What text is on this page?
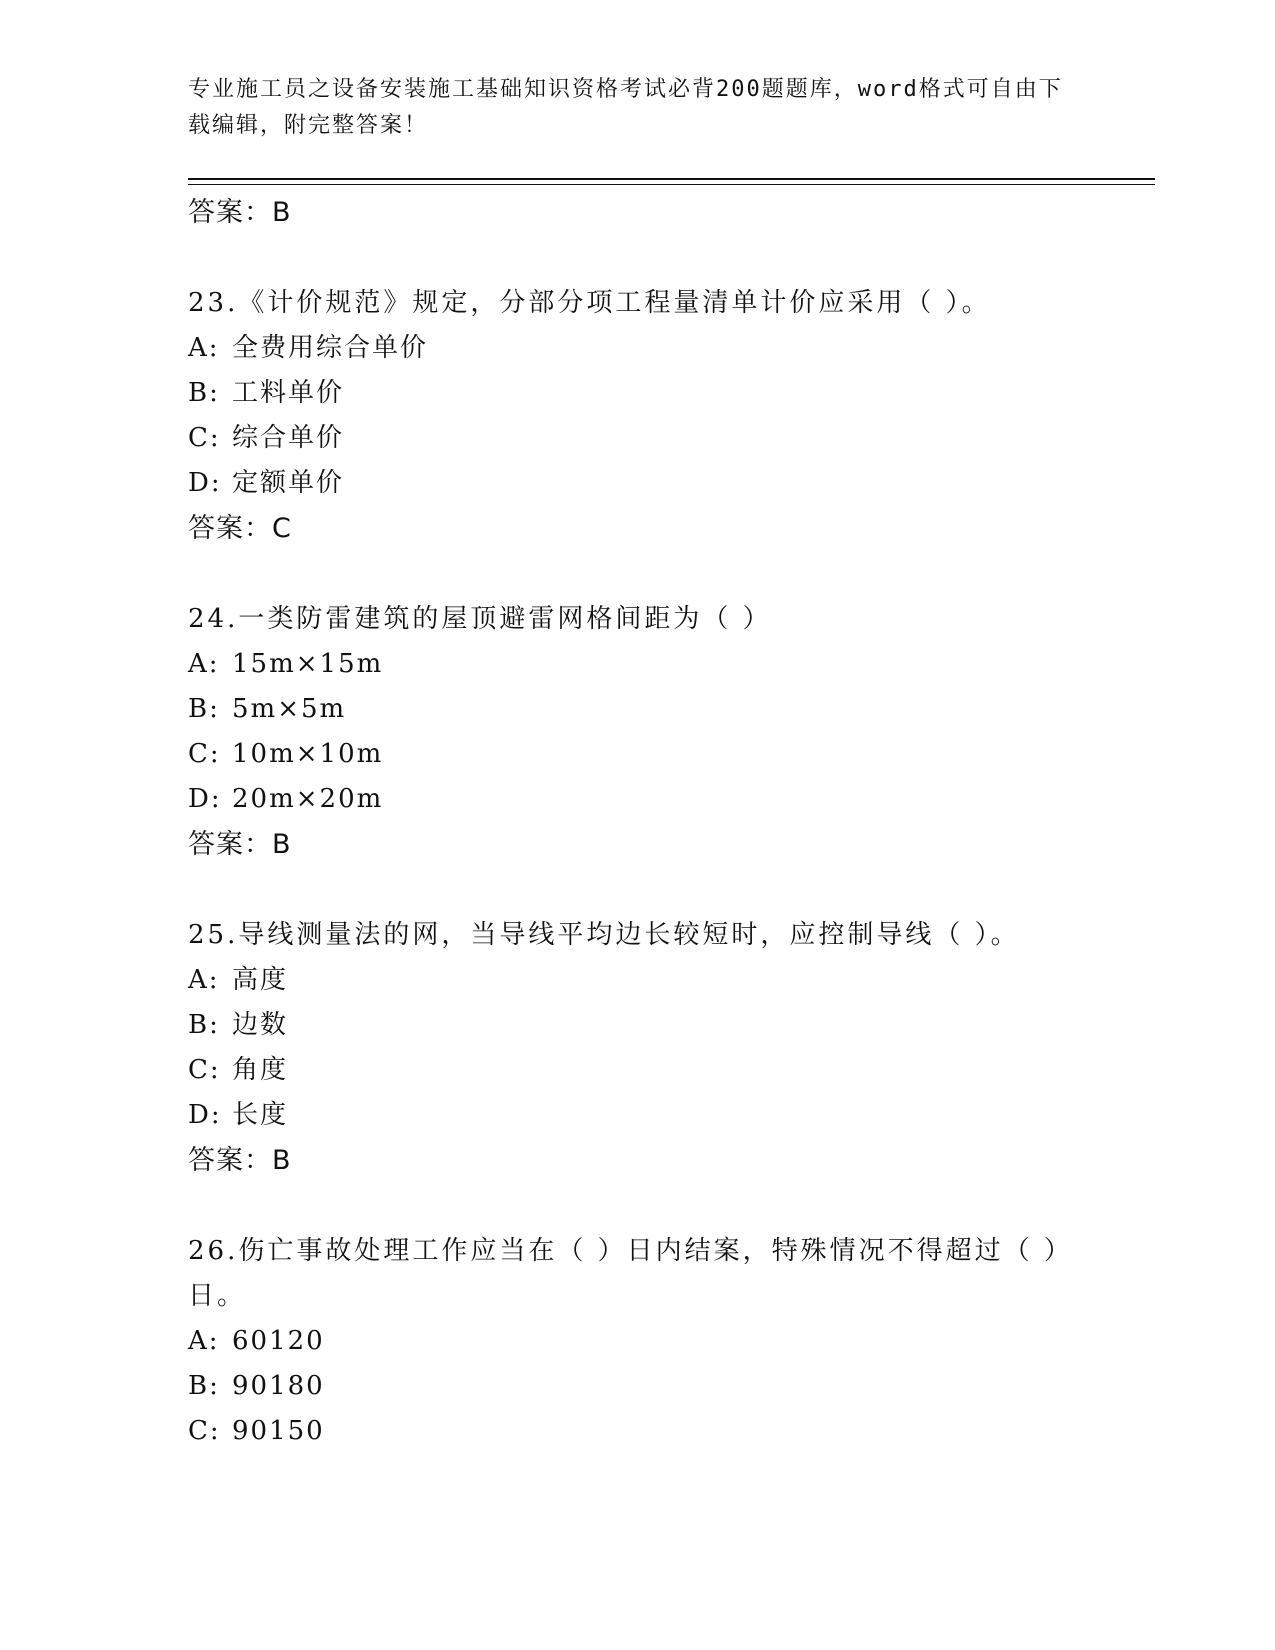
专业施工员之设备安装施工基础知识资格考试必背200题题库，word格式可自由下载编辑，附完整答案！
答案：B
23.《计价规范》规定，分部分项工程量清单计价应采用（ ）。
A: 全费用综合单价
B: 工料单价
C: 综合单价
D: 定额单价
答案：C
24.一类防雷建筑的屋顶避雷网格间距为（ ）
A: 15m×15m
B: 5m×5m
C: 10m×10m
D: 20m×20m
答案：B
25.导线测量法的网，当导线平均边长较短时，应控制导线（ ）。
A: 高度
B: 边数
C: 角度
D: 长度
答案：B
26.伤亡事故处理工作应当在（ ）日内结案，特殊情况不得超过（ ）日。
A: 60120
B: 90180
C: 90150
